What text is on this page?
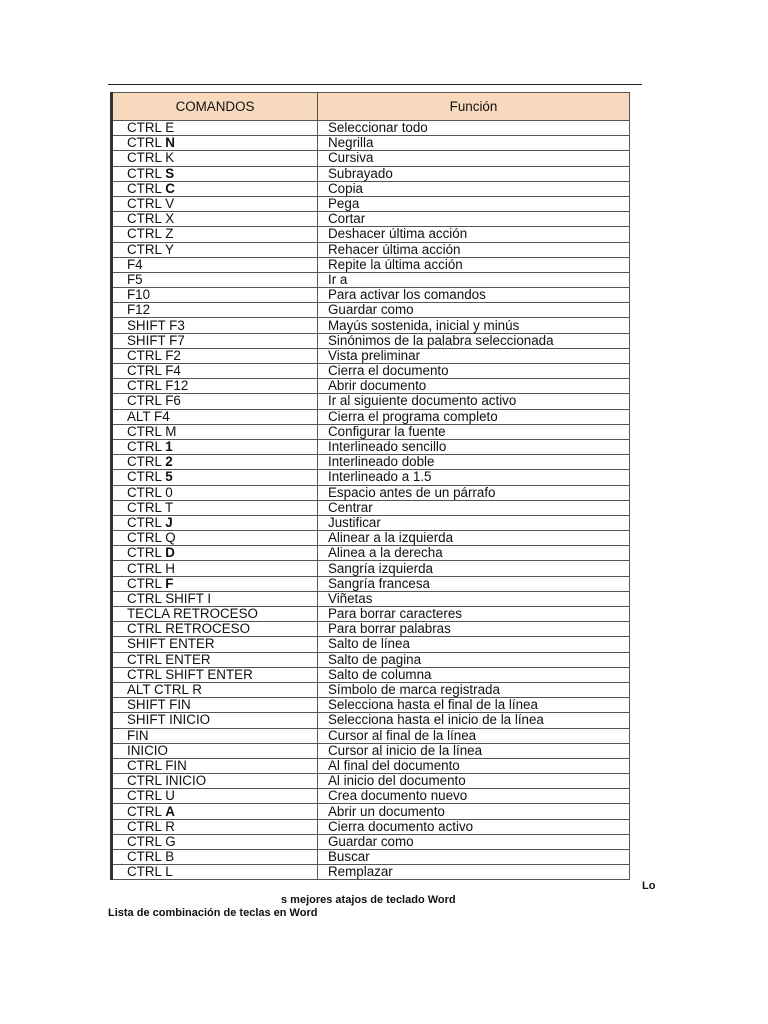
COMANDOS	Función
CTRL E	Seleccionar todo
CTRL N	Negrilla
CTRL K	Cursiva
CTRL S	Subrayado
CTRL C	Copia
CTRL V	Pega
CTRL X	Cortar
CTRL Z	Deshacer última acción
CTRL Y	Rehacer última acción
F4	Repite la última acción
F5	Ir a
F10	Para activar los comandos
F12	Guardar como
SHIFT F3	Mayús sostenida, inicial y minús
SHIFT F7	Sinónimos de la palabra seleccionada
CTRL F2	Vista preliminar
CTRL F4	Cierra el documento
CTRL F12	Abrir documento
CTRL F6	Ir al siguiente documento activo
ALT F4	Cierra el programa completo
CTRL M	Configurar la fuente
CTRL 1	Interlineado sencillo
CTRL 2	Interlineado doble
CTRL 5	Interlineado a 1.5
CTRL 0	Espacio antes de un párrafo
CTRL T	Centrar
CTRL J	Justificar
CTRL Q	Alinear a la izquierda
CTRL D	Alinea a la derecha
CTRL H	Sangría izquierda
CTRL F	Sangría francesa
CTRL SHIFT I	Viñetas
TECLA RETROCESO	Para borrar caracteres
CTRL RETROCESO	Para borrar palabras
SHIFT ENTER	Salto de línea
CTRL ENTER	Salto de pagina
CTRL SHIFT ENTER	Salto de columna
ALT CTRL R	Símbolo de marca registrada
SHIFT FIN	Selecciona hasta el final de la línea
SHIFT INICIO	Selecciona hasta el inicio de la línea
FIN	Cursor al final de la línea
INICIO	Cursor al inicio de la línea
CTRL FIN	Al final del documento
CTRL INICIO	Al inicio del documento
CTRL U	Crea documento nuevo
CTRL A	Abrir un documento
CTRL R	Cierra documento activo
CTRL G	Guardar como
CTRL B	Buscar
CTRL L	Remplazar
Lo
s mejores atajos de teclado Word
Lista de combinación de teclas en Word
